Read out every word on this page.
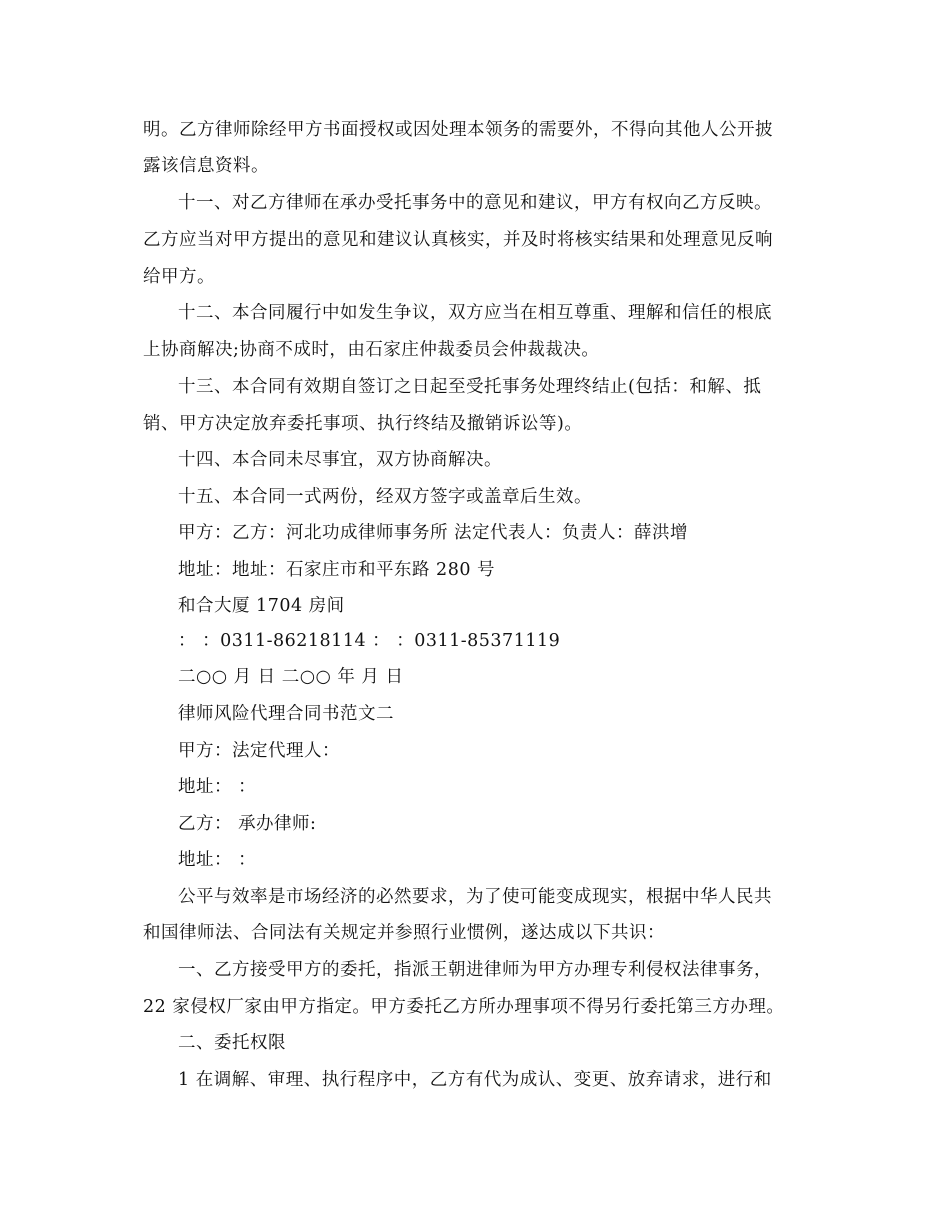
明。乙方律师除经甲方书面授权或因处理本领务的需要外，不得向其他人公开披
露该信息资料。
十一、对乙方律师在承办受托事务中的意见和建议，甲方有权向乙方反映。
乙方应当对甲方提出的意见和建议认真核实，并及时将核实结果和处理意见反响
给甲方。
十二、本合同履行中如发生争议，双方应当在相互尊重、理解和信任的根底
上协商解决;协商不成时，由石家庄仲裁委员会仲裁裁决。
十三、本合同有效期自签订之日起至受托事务处理终结止(包括：和解、抵
销、甲方决定放弃委托事项、执行终结及撤销诉讼等)。
十四、本合同未尽事宜，双方协商解决。
十五、本合同一式两份，经双方签字或盖章后生效。
甲方：乙方：河北功成律师事务所 法定代表人：负责人：薛洪增
地址：地址：石家庄市和平东路 280 号
和合大厦 1704 房间
： ：0311-86218114 ： ：0311-85371119
二○○ 月 日 二○○ 年 月 日
律师风险代理合同书范文二
甲方：法定代理人：
地址： ：
乙方： 承办律师:
地址： ：
公平与效率是市场经济的必然要求，为了使可能变成现实，根据中华人民共
和国律师法、合同法有关规定并参照行业惯例，遂达成以下共识：
一、乙方接受甲方的委托，指派王朝进律师为甲方办理专利侵权法律事务，
22 家侵权厂家由甲方指定。甲方委托乙方所办理事项不得另行委托第三方办理。
二、委托权限
1 在调解、审理、执行程序中，乙方有代为成认、变更、放弃请求，进行和
